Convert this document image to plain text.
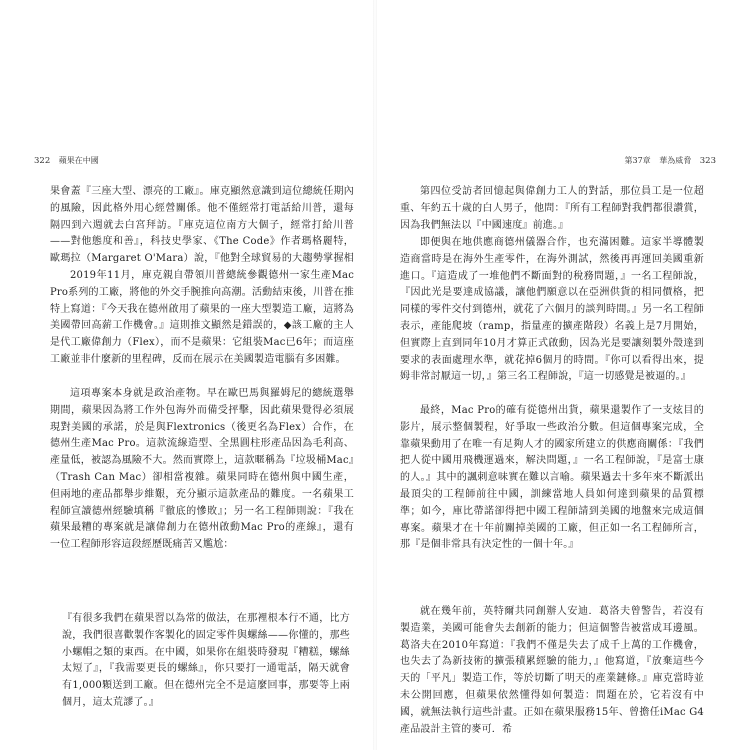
322 蘋果在中國	第37章 華為威脅 323

果會蓋『三座大型、漂亮的工廠』。庫克顯然意識到這位總統任期內的風險，因此格外用心經營關係。他不僅經常打電話給川普，還每隔四到六週就去白宮拜訪。『庫克這位南方大個子，經常打給川普——對他態度和善』，科技史學家、《The Code》作者瑪格麗特，歐瑪拉（Margaret O'Mara）說，『他對全球貿易的大趨勢掌握相

2019年11月，庫克親自帶領川普總統參觀德州一家生產Mac Pro系列的工廠，將他的外交手腕推向高潮。活動結束後，川普在推特上寫道：『今天我在德州啟用了蘋果的一座大型製造工廠，這將為美國帶回高薪工作機會。』這則推文顯然是錯誤的，◆該工廠的主人是代工廠偉創力（Flex），而不是蘋果：它組裝Mac已6年；而這座工廠並非什麼新的里程碑，反而在展示在美國製造電腦有多困難。

這項專案本身就是政治產物。早在歐巴馬與羅姆尼的總統選舉期間，蘋果因為將工作外包海外而備受抨擊，因此蘋果覺得必須展現對美國的承諾，於是與Flextronics（後更名為Flex）合作，在德州生產Mac Pro。這款流線造型、全黑圓柱形產品因為毛利高、產量低，被認為風險不大。然而實際上，這款暱稱為『垃圾桶Mac』（Trash Can Mac）卻相當複雜。蘋果同時在德州與中國生產，但兩地的產品都舉步維艱，充分顯示這款產品的難度。一名蘋果工程師宣讀德州經驗填稱『徹底的慘敗』；另一名工程師則說：『我在蘋果最糟的專案就是讓偉創力在德州啟動Mac Pro的產線』，還有一位工程師形容這段經歷既痛苦又尷尬：

『有很多我們在蘋果習以為常的做法，在那裡根本行不通，比方說，我們很喜歡製作客製化的固定零件與螺絲——你懂的，那些小螺帽之類的東西。在中國，如果你在組裝時發現『糟糕，螺絲太短了』，『我需要更長的螺絲』，你只要打一通電話，隔天就會有1,000顆送到工廠。但在德州完全不是這麼回事，那要等上兩個月，這太荒謬了。』

第四位受訪者回憶起與偉創力工人的對話，那位員工是一位超重、年約五十歲的白人男子，他問：『所有工程師對我們都很讚賞，因為我們無法以『中國速度』前進。』

即便與在地供應商德州儀器合作，也充滿困難。這家半導體製造商當時是在海外生產零件，在海外測試，然後再再運回美國重新進口。『這造成了一堆他們不斷面對的稅務問題，』一名工程師說，『因此光是要達成協議，讓他們願意以在亞洲供貨的相同價格，把同樣的零件交付到德州，就花了六個月的談判時間。』另一名工程師表示，產能爬坡（ramp，指量產的擴產階段）名義上是7月開始，但實際上直到同年10月才算正式啟動，因為光是要讓刻製外殼達到要求的表面處理水準，就花掉6個月的時間。『你可以看得出來，提姆非常討厭這一切，』第三名工程師說，『這一切感覺是被逼的。』

最終，Mac Pro的確有從德州出貨，蘋果還製作了一支炫目的影片，展示整個製程，好爭取一些政治分數。但這個專案完成，全靠蘋果動用了在唯一有足夠人才的國家所建立的供應商關係：『我們把人從中國用飛機運過來，解決問題，』一名工程師說，『是富士康的人。』其中的諷刺意味實在難以言喻。蘋果過去十多年來不斷派出最頂尖的工程師前往中國，訓練當地人員如何達到蘋果的品質標準；如今，庫比帶諾卻得把中國工程師請到美國的地盤來完成這個專案。蘋果才在十年前關掉美國的工廠，但正如一名工程師所言，那『是個非常具有決定性的一個十年。』

就在幾年前，英特爾共同創辦人安迪．葛洛夫曾警告，若沒有製造業，美國可能會失去創新的能力；但這個警告被當成耳邊風。葛洛夫在2010年寫道：『我們不僅是失去了成千上萬的工作機會，也失去了為新技術的擴張積累經驗的能力，』他寫道，『放棄這些今天的「平凡」製造工作，等於切斷了明天的產業鏈條。』庫克當時並未公開回應，但蘋果依然懂得如何製造：問題在於，它若沒有中國，就無法執行這些計畫。正如在蘋果服務15年、曾擔任iMac G4產品設計主管的麥可．希
